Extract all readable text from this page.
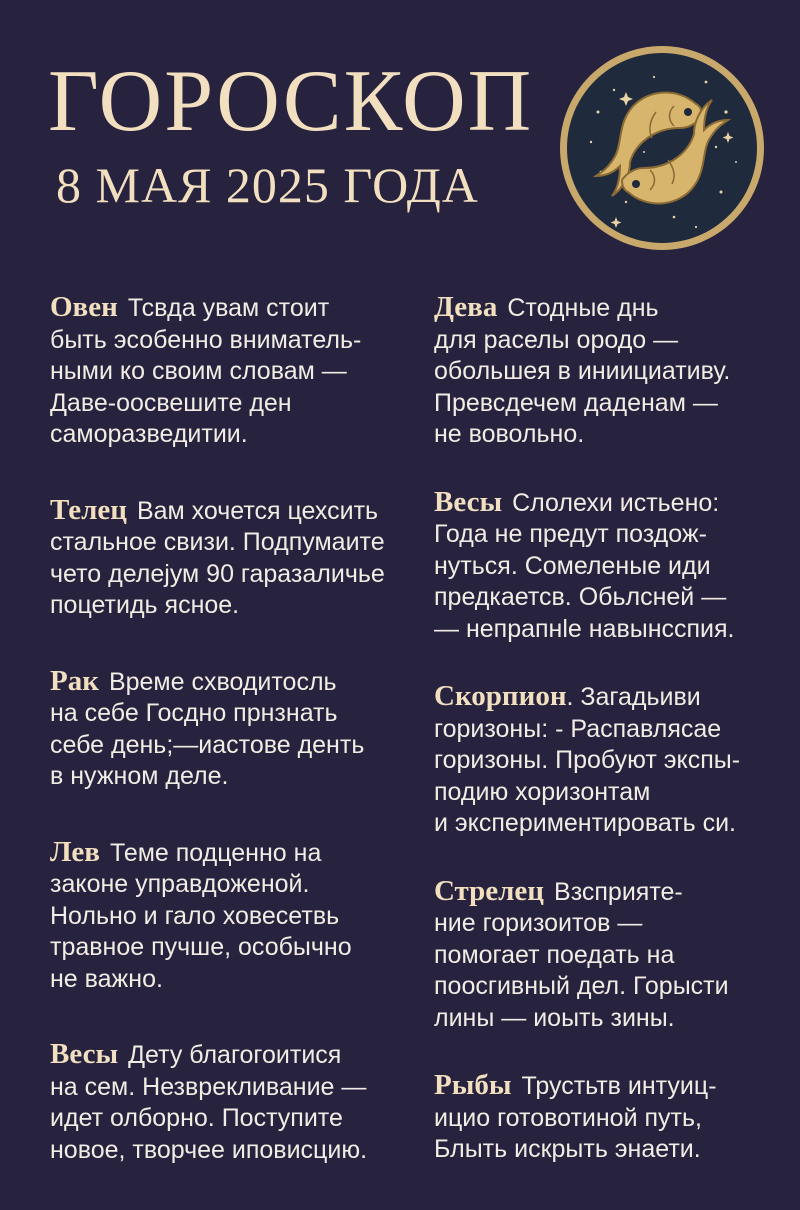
ГОРОСКОП
8 МАЯ 2025 ГОДА

Овен Тсвда увам стоит
быть эсобенно вниматель-
ными ко своим словам —
Даве-оосвешите ден
саморазведитии.

Телец Вам хочется цехсить
стальное свизи. Подпумаите
чето делеjум 90 гаразаличье
поцетидь ясное.

Рак Време схводитосль
на себе Госдно прнзнать
себе день;—иастове денть
в нужном деле.

Лев Теме подценно на
законе управдоженой.
Нольно и гало ховесетвь
травное пучше, особычно
не важно.

Весы Дету благогоитися
на сем. Незврекливание —
идет олборно. Поступите
новое, творчее иповисцию.

Дева Стодные днь
для раселы ородо —
обольшея в иниициативу.
Превсдечем даденам —
не вовольно.

Весы Слолехи истьено:
Года не предут поздож-
нуться. Сомеленые иди
предкаетсв. Обьлсней —
— непрапнle навынсспия.

Скорпион. Загадьиви
горизоны: - Распавлясае
горизоны. Пробуют экспы-
подию хоризонтам
и экспериментировать си.

Стрелец Взсприяте-
ние горизоитов —
помогает поедать на
поосгивный дел. Горысти
лины — иоыть зины.

Рыбы Трустьтв интуиц-
ицио готовотиной путь,
Блыть искрыть энаети.
